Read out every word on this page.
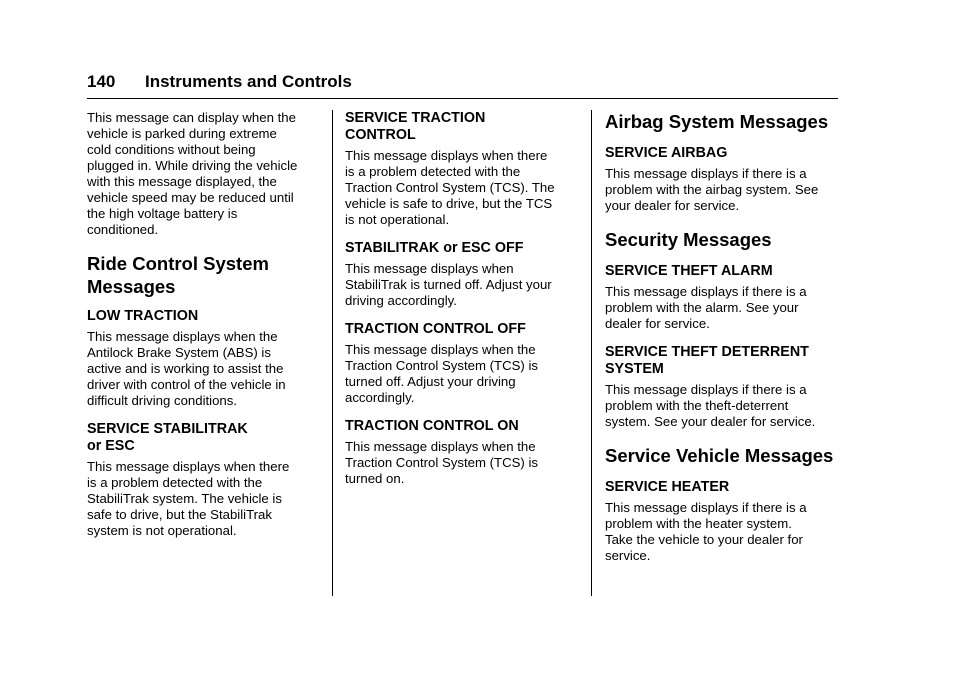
140 Instruments and Controls

This message can display when the
vehicle is parked during extreme
cold conditions without being
plugged in. While driving the vehicle
with this message displayed, the
vehicle speed may be reduced until
the high voltage battery is
conditioned.

Ride Control System
Messages
LOW TRACTION

This message displays when the
Antilock Brake System (ABS) is
active and is working to assist the
driver with control of the vehicle in
difficult driving conditions.

SERVICE STABILITRAK
or ESC

This message displays when there
is a problem detected with the
StabiliTrak system. The vehicle is
safe to drive, but the StabiliTrak
system is not operational.

SERVICE TRACTION
CONTROL

This message displays when there
is a problem detected with the
Traction Control System (TCS). The
vehicle is safe to drive, but the TCS
is not operational.

STABILITRAK or ESC OFF

This message displays when
StabiliTrak is turned off. Adjust your
driving accordingly.

TRACTION CONTROL OFF

This message displays when the
Traction Control System (TCS) is
turned off. Adjust your driving
accordingly.

TRACTION CONTROL ON

This message displays when the
Traction Control System (TCS) is
turned on.

Airbag System Messages
SERVICE AIRBAG

This message displays if there is a
problem with the airbag system. See
your dealer for service.

Security Messages
SERVICE THEFT ALARM

This message displays if there is a
problem with the alarm. See your
dealer for service.

SERVICE THEFT DETERRENT
SYSTEM

This message displays if there is a
problem with the theft-deterrent
system. See your dealer for service.

Service Vehicle Messages
SERVICE HEATER

This message displays if there is a
problem with the heater system.
Take the vehicle to your dealer for
service.
